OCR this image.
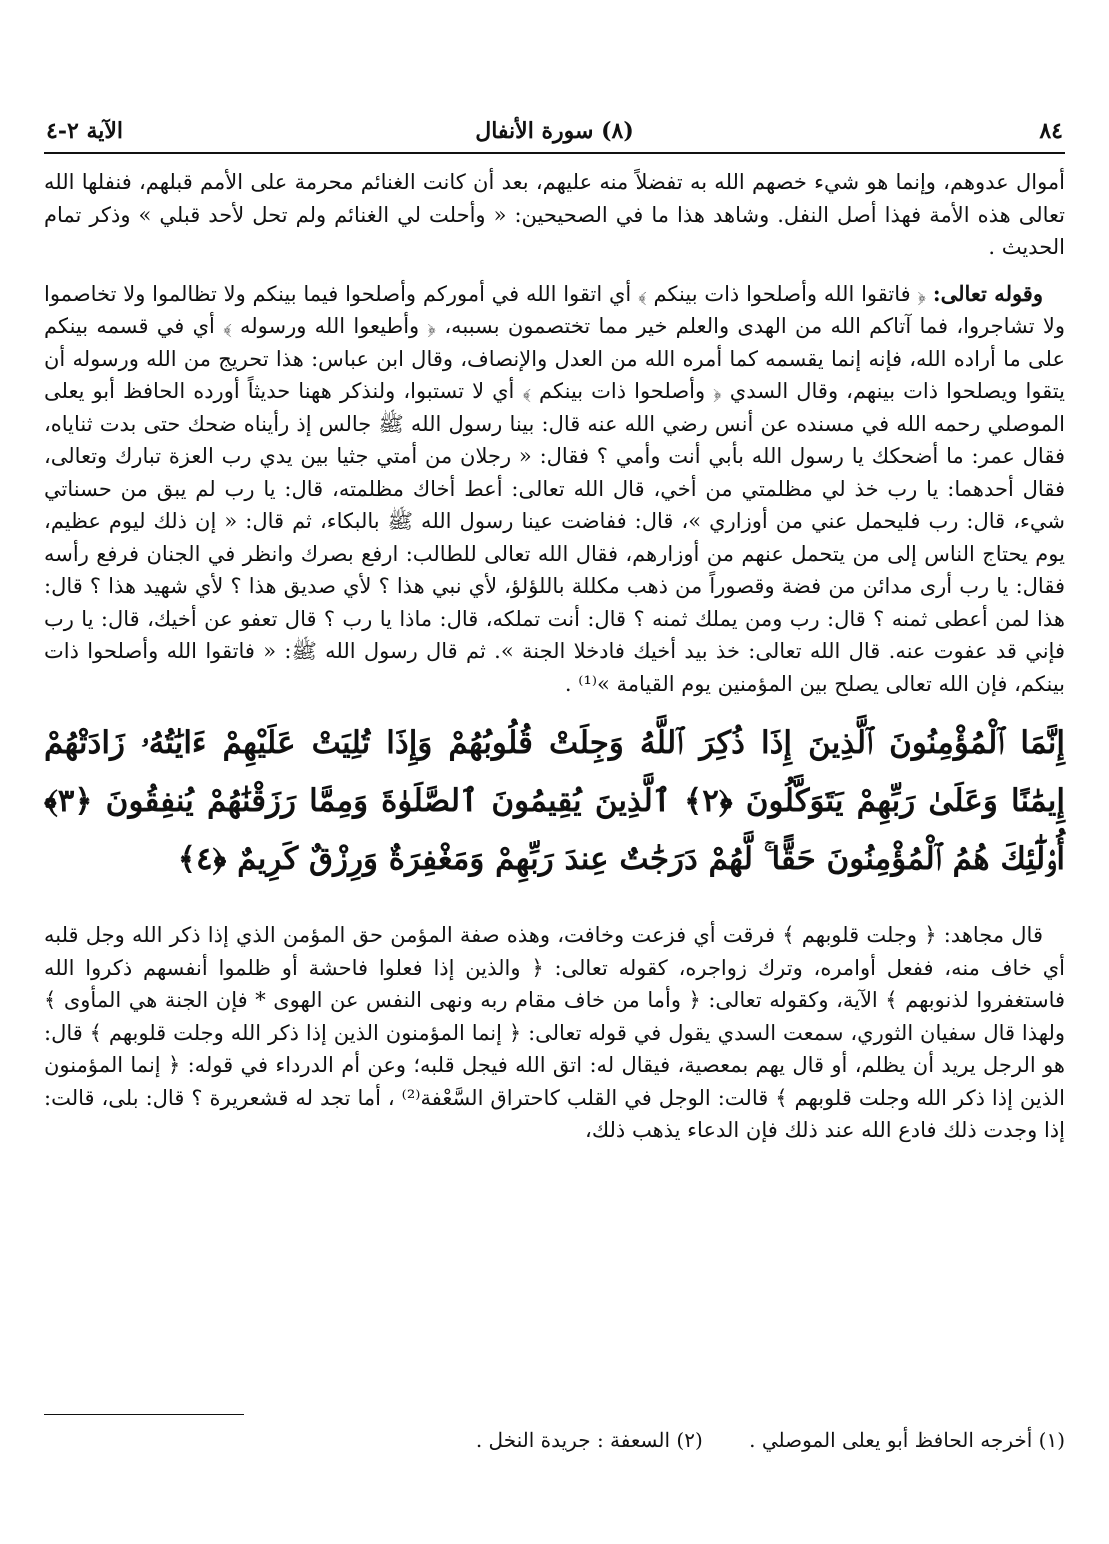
٨٤
(٨) سورة الأنفال
الآية ٢-٤

أموال عدوهم، وإنما هو شيء خصهم الله به تفضلاً منه عليهم، بعد أن كانت الغنائم محرمة على الأمم قبلهم، فنفلها الله تعالى هذه الأمة فهذا أصل النفل. وشاهد هذا ما في الصحيحين: « وأحلت لي الغنائم ولم تحل لأحد قبلي » وذكر تمام الحديث .

وقوله تعالى: ﴿ فاتقوا الله وأصلحوا ذات بينكم ﴾ أي اتقوا الله في أموركم وأصلحوا فيما بينكم ولا تظالموا ولا تخاصموا ولا تشاجروا، فما آتاكم الله من الهدى والعلم خير مما تختصمون بسببه، ﴿ وأطيعوا الله ورسوله ﴾ أي في قسمه بينكم على ما أراده الله، فإنه إنما يقسمه كما أمره الله من العدل والإنصاف، وقال ابن عباس: هذا تحريج من الله ورسوله أن يتقوا ويصلحوا ذات بينهم، وقال السدي ﴿ وأصلحوا ذات بينكم ﴾ أي لا تستبوا، ولنذكر ههنا حديثاً أورده الحافظ أبو يعلى الموصلي رحمه الله في مسنده عن أنس رضي الله عنه قال: بينا رسول الله ﷺ جالس إذ رأيناه ضحك حتى بدت ثناياه، فقال عمر: ما أضحكك يا رسول الله بأبي أنت وأمي ؟ فقال: « رجلان من أمتي جثيا بين يدي رب العزة تبارك وتعالى، فقال أحدهما: يا رب خذ لي مظلمتي من أخي، قال الله تعالى: أعط أخاك مظلمته، قال: يا رب لم يبق من حسناتي شيء، قال: رب فليحمل عني من أوزاري »، قال: ففاضت عينا رسول الله ﷺ بالبكاء، ثم قال: « إن ذلك ليوم عظيم، يوم يحتاج الناس إلى من يتحمل عنهم من أوزارهم، فقال الله تعالى للطالب: ارفع بصرك وانظر في الجنان فرفع رأسه فقال: يا رب أرى مدائن من فضة وقصوراً من ذهب مكللة باللؤلؤ، لأي نبي هذا ؟ لأي صديق هذا ؟ لأي شهيد هذا ؟ قال: هذا لمن أعطى ثمنه ؟ قال: رب ومن يملك ثمنه ؟ قال: أنت تملكه، قال: ماذا يا رب ؟ قال تعفو عن أخيك، قال: يا رب فإني قد عفوت عنه. قال الله تعالى: خذ بيد أخيك فادخلا الجنة ». ثم قال رسول الله ﷺ: « فاتقوا الله وأصلحوا ذات بينكم، فإن الله تعالى يصلح بين المؤمنين يوم القيامة »⁽¹⁾ .

إِنَّمَا ٱلْمُؤْمِنُونَ ٱلَّذِينَ إِذَا ذُكِرَ ٱللَّهُ وَجِلَتْ قُلُوبُهُمْ وَإِذَا تُلِيَتْ عَلَيْهِمْ ءَايَٰتُهُۥ زَادَتْهُمْ إِيمَٰنًا وَعَلَىٰ رَبِّهِمْ يَتَوَكَّلُونَ ﴿٢﴾ ٱلَّذِينَ يُقِيمُونَ ٱلصَّلَوٰةَ وَمِمَّا رَزَقْنَٰهُمْ يُنفِقُونَ ﴿٣﴾ أُو۟لَٰٓئِكَ هُمُ ٱلْمُؤْمِنُونَ حَقًّا ۚ لَّهُمْ دَرَجَٰتٌ عِندَ رَبِّهِمْ وَمَغْفِرَةٌ وَرِزْقٌ كَرِيمٌ ﴿٤﴾

قال مجاهد: ﴿ وجلت قلوبهم ﴾ فرقت أي فزعت وخافت، وهذه صفة المؤمن حق المؤمن الذي إذا ذكر الله وجل قلبه أي خاف منه، ففعل أوامره، وترك زواجره، كقوله تعالى: ﴿ والذين إذا فعلوا فاحشة أو ظلموا أنفسهم ذكروا الله فاستغفروا لذنوبهم ﴾ الآية، وكقوله تعالى: ﴿ وأما من خاف مقام ربه ونهى النفس عن الهوى * فإن الجنة هي المأوى ﴾ ولهذا قال سفيان الثوري، سمعت السدي يقول في قوله تعالى: ﴿ إنما المؤمنون الذين إذا ذكر الله وجلت قلوبهم ﴾ قال: هو الرجل يريد أن يظلم، أو قال يهم بمعصية، فيقال له: اتق الله فيجل قلبه؛ وعن أم الدرداء في قوله: ﴿ إنما المؤمنون الذين إذا ذكر الله وجلت قلوبهم ﴾ قالت: الوجل في القلب كاحتراق السَّعْفة⁽²⁾ ، أما تجد له قشعريرة ؟ قال: بلى، قالت: إذا وجدت ذلك فادع الله عند ذلك فإن الدعاء يذهب ذلك،

(١) أخرجه الحافظ أبو يعلى الموصلي . (٢) السعفة : جريدة النخل .
